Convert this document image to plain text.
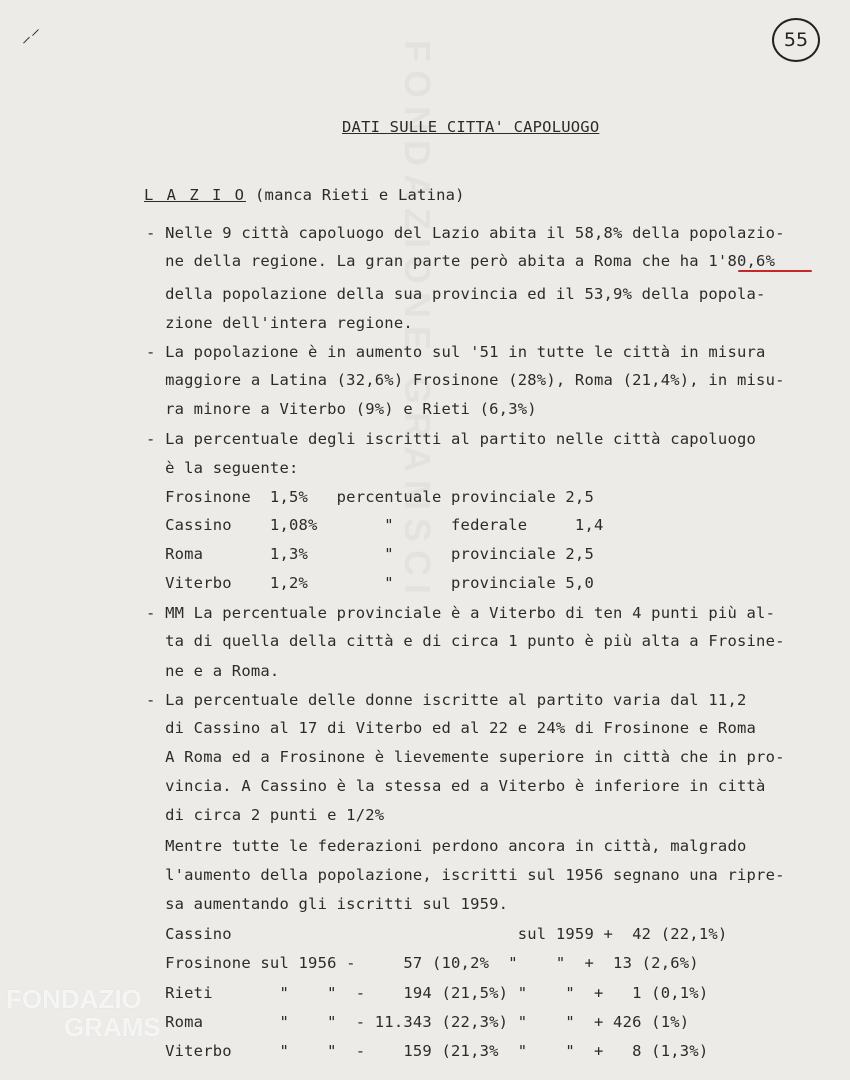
⸝⸍	55
DATI SULLE CITTA' CAPOLUOGO
L A Z I O (manca Rieti e Latina)
- Nelle 9 città capoluogo del Lazio abita il 58,8% della popolazio-
ne della regione. La gran parte però abita a Roma che ha 1'80,6%
della popolazione della sua provincia ed il 53,9% della popola-
zione dell'intera regione.
- La popolazione è in aumento sul '51 in tutte le città in misura
maggiore a Latina (32,6%) Frosinone (28%), Roma (21,4%), in misu-
ra minore a Viterbo (9%) e Rieti (6,3%)
- La percentuale degli iscritti al partito nelle città capoluogo
è la seguente:
Frosinone  1,5%   percentuale provinciale 2,5
Cassino    1,08%       "      federale     1,4
Roma       1,3%        "      provinciale 2,5
Viterbo    1,2%        "      provinciale 5,0
- MM La percentuale provinciale è a Viterbo di ten 4 punti più al-
ta di quella della città e di circa 1 punto è più alta a Frosine-
ne e a Roma.
- La percentuale delle donne iscritte al partito varia dal 11,2
di Cassino al 17 di Viterbo ed al 22 e 24% di Frosinone e Roma
A Roma ed a Frosinone è lievemente superiore in città che in pro-
vincia. A Cassino è la stessa ed a Viterbo è inferiore in città
di circa 2 punti e 1/2%
Mentre tutte le federazioni perdono ancora in città, malgrado
l'aumento della popolazione, iscritti sul 1956 segnano una ripre-
sa aumentando gli iscritti sul 1959.
Cassino                              sul 1959 +  42 (22,1%)
Frosinone sul 1956 -     57 (10,2%  "    "  +  13 (2,6%)
Rieti       "    "  -    194 (21,5%) "    "  +   1 (0,1%)
Roma        "    "  - 11.343 (22,3%) "    "  + 426 (1%)
Viterbo     "    "  -    159 (21,3%  "    "  +   8 (1,3%)
FONDAZIO
GRAMS
